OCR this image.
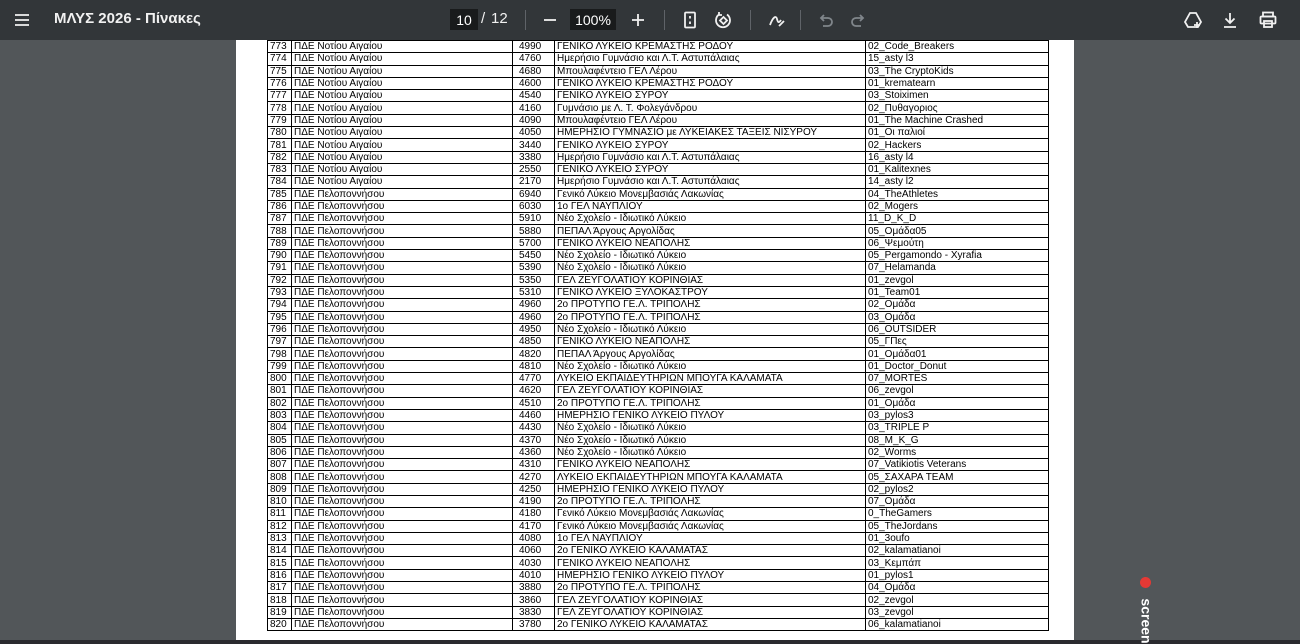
ΜΛΥΣ 2026 - Πίνακες	10 / 12	100%
773	ΠΔΕ Νοτίου Αιγαίου	4990	ΓΕΝΙΚΟ ΛΥΚΕΙΟ ΚΡΕΜΑΣΤΗΣ ΡΟΔΟΥ	02_Code_Breakers
774	ΠΔΕ Νοτίου Αιγαίου	4760	Ημερήσιο Γυμνάσιο και Λ.Τ. Αστυπάλαιας	15_asty l3
775	ΠΔΕ Νοτίου Αιγαίου	4680	Μπουλαφέντειο ΓΕΛ Λέρου	03_The CryptoKids
776	ΠΔΕ Νοτίου Αιγαίου	4600	ΓΕΝΙΚΟ ΛΥΚΕΙΟ ΚΡΕΜΑΣΤΗΣ ΡΟΔΟΥ	01_krematearn
777	ΠΔΕ Νοτίου Αιγαίου	4540	ΓΕΝΙΚΟ ΛΥΚΕΙΟ ΣΥΡΟΥ	03_Stoiximen
778	ΠΔΕ Νοτίου Αιγαίου	4160	Γυμνάσιο με Λ. Τ. Φολεγάνδρου	02_Πυθαγοριος
779	ΠΔΕ Νοτίου Αιγαίου	4090	Μπουλαφέντειο ΓΕΛ Λέρου	01_The Machine Crashed
780	ΠΔΕ Νοτίου Αιγαίου	4050	ΗΜΕΡΗΣΙΟ ΓΥΜΝΑΣΙΟ με ΛΥΚΕΙΑΚΕΣ ΤΑΞΕΙΣ ΝΙΣΥΡΟΥ	01_Οι παλιοί
781	ΠΔΕ Νοτίου Αιγαίου	3440	ΓΕΝΙΚΟ ΛΥΚΕΙΟ ΣΥΡΟΥ	02_Hackers
782	ΠΔΕ Νοτίου Αιγαίου	3380	Ημερήσιο Γυμνάσιο και Λ.Τ. Αστυπάλαιας	16_asty l4
783	ΠΔΕ Νοτίου Αιγαίου	2550	ΓΕΝΙΚΟ ΛΥΚΕΙΟ ΣΥΡΟΥ	01_Kalitexnes
784	ΠΔΕ Νοτίου Αιγαίου	2170	Ημερήσιο Γυμνάσιο και Λ.Τ. Αστυπάλαιας	14_asty l2
785	ΠΔΕ Πελοποννήσου	6940	Γενικό Λύκειο Μονεμβασιάς Λακωνίας	04_TheAthletes
786	ΠΔΕ Πελοποννήσου	6030	1ο ΓΕΛ ΝΑΥΠΛΙΟΥ	02_Mogers
787	ΠΔΕ Πελοποννήσου	5910	Νέο Σχολείο - Ιδιωτικό Λύκειο	11_D_K_D
788	ΠΔΕ Πελοποννήσου	5880	ΠΕΠΑΛ Άργους Αργολίδας	05_Ομάδα05
789	ΠΔΕ Πελοποννήσου	5700	ΓΕΝΙΚΟ ΛΥΚΕΙΟ ΝΕΑΠΟΛΗΣ	06_Ψεμούτη
790	ΠΔΕ Πελοποννήσου	5450	Νέο Σχολείο - Ιδιωτικό Λύκειο	05_Pergamondo - Xyrafia
791	ΠΔΕ Πελοποννήσου	5390	Νέο Σχολείο - Ιδιωτικό Λύκειο	07_Helamanda
792	ΠΔΕ Πελοποννήσου	5350	ΓΕΛ ΖΕΥΓΟΛΑΤΙΟΥ ΚΟΡΙΝΘΙΑΣ	01_zevgol
793	ΠΔΕ Πελοποννήσου	5310	ΓΕΝΙΚΟ ΛΥΚΕΙΟ ΞΥΛΟΚΑΣΤΡΟΥ	01_Team01
794	ΠΔΕ Πελοποννήσου	4960	2ο ΠΡΟΤΥΠΟ ΓΕ.Λ. ΤΡΙΠΟΛΗΣ	02_Ομάδα
795	ΠΔΕ Πελοποννήσου	4960	2ο ΠΡΟΤΥΠΟ ΓΕ.Λ. ΤΡΙΠΟΛΗΣ	03_Ομάδα
796	ΠΔΕ Πελοποννήσου	4950	Νέο Σχολείο - Ιδιωτικό Λύκειο	06_OUTSIDER
797	ΠΔΕ Πελοποννήσου	4850	ΓΕΝΙΚΟ ΛΥΚΕΙΟ ΝΕΑΠΟΛΗΣ	05_ΓΠες
798	ΠΔΕ Πελοποννήσου	4820	ΠΕΠΑΛ Άργους Αργολίδας	01_Ομάδα01
799	ΠΔΕ Πελοποννήσου	4810	Νέο Σχολείο - Ιδιωτικό Λύκειο	01_Doctor_Donut
800	ΠΔΕ Πελοποννήσου	4770	ΛΥΚΕΙΟ ΕΚΠΑΙΔΕΥΤΗΡΙΩΝ ΜΠΟΥΓΑ ΚΑΛΑΜΑΤΑ	07_MORTES
801	ΠΔΕ Πελοποννήσου	4620	ΓΕΛ ΖΕΥΓΟΛΑΤΙΟΥ ΚΟΡΙΝΘΙΑΣ	06_zevgol
802	ΠΔΕ Πελοποννήσου	4510	2ο ΠΡΟΤΥΠΟ ΓΕ.Λ. ΤΡΙΠΟΛΗΣ	01_Ομάδα
803	ΠΔΕ Πελοποννήσου	4460	ΗΜΕΡΗΣΙΟ ΓΕΝΙΚΟ ΛΥΚΕΙΟ ΠΥΛΟΥ	03_pylos3
804	ΠΔΕ Πελοποννήσου	4430	Νέο Σχολείο - Ιδιωτικό Λύκειο	03_TRIPLE P
805	ΠΔΕ Πελοποννήσου	4370	Νέο Σχολείο - Ιδιωτικό Λύκειο	08_M_K_G
806	ΠΔΕ Πελοποννήσου	4360	Νέο Σχολείο - Ιδιωτικό Λύκειο	02_Worms
807	ΠΔΕ Πελοποννήσου	4310	ΓΕΝΙΚΟ ΛΥΚΕΙΟ ΝΕΑΠΟΛΗΣ	07_Vatikiotis Veterans
808	ΠΔΕ Πελοποννήσου	4270	ΛΥΚΕΙΟ ΕΚΠΑΙΔΕΥΤΗΡΙΩΝ ΜΠΟΥΓΑ ΚΑΛΑΜΑΤΑ	05_ΣΑΧΑΡΑ TEAM
809	ΠΔΕ Πελοποννήσου	4250	ΗΜΕΡΗΣΙΟ ΓΕΝΙΚΟ ΛΥΚΕΙΟ ΠΥΛΟΥ	02_pylos2
810	ΠΔΕ Πελοποννήσου	4190	2ο ΠΡΟΤΥΠΟ ΓΕ.Λ. ΤΡΙΠΟΛΗΣ	07_Ομάδα
811	ΠΔΕ Πελοποννήσου	4180	Γενικό Λύκειο Μονεμβασιάς Λακωνίας	0_TheGamers
812	ΠΔΕ Πελοποννήσου	4170	Γενικό Λύκειο Μονεμβασιάς Λακωνίας	05_TheJordans
813	ΠΔΕ Πελοποννήσου	4080	1ο ΓΕΛ ΝΑΥΠΛΙΟΥ	01_3oufo
814	ΠΔΕ Πελοποννήσου	4060	2ο ΓΕΝΙΚΟ ΛΥΚΕΙΟ ΚΑΛΑΜΑΤΑΣ	02_kalamatianoi
815	ΠΔΕ Πελοποννήσου	4030	ΓΕΝΙΚΟ ΛΥΚΕΙΟ ΝΕΑΠΟΛΗΣ	03_Κεμπάπ
816	ΠΔΕ Πελοποννήσου	4010	ΗΜΕΡΗΣΙΟ ΓΕΝΙΚΟ ΛΥΚΕΙΟ ΠΥΛΟΥ	01_pylos1
817	ΠΔΕ Πελοποννήσου	3880	2ο ΠΡΟΤΥΠΟ ΓΕ.Λ. ΤΡΙΠΟΛΗΣ	04_Ομάδα
818	ΠΔΕ Πελοποννήσου	3860	ΓΕΛ ΖΕΥΓΟΛΑΤΙΟΥ ΚΟΡΙΝΘΙΑΣ	02_zevgol
819	ΠΔΕ Πελοποννήσου	3830	ΓΕΛ ΖΕΥΓΟΛΑΤΙΟΥ ΚΟΡΙΝΘΙΑΣ	03_zevgol
820	ΠΔΕ Πελοποννήσου	3780	2ο ΓΕΝΙΚΟ ΛΥΚΕΙΟ ΚΑΛΑΜΑΤΑΣ	06_kalamatianoi	screen
